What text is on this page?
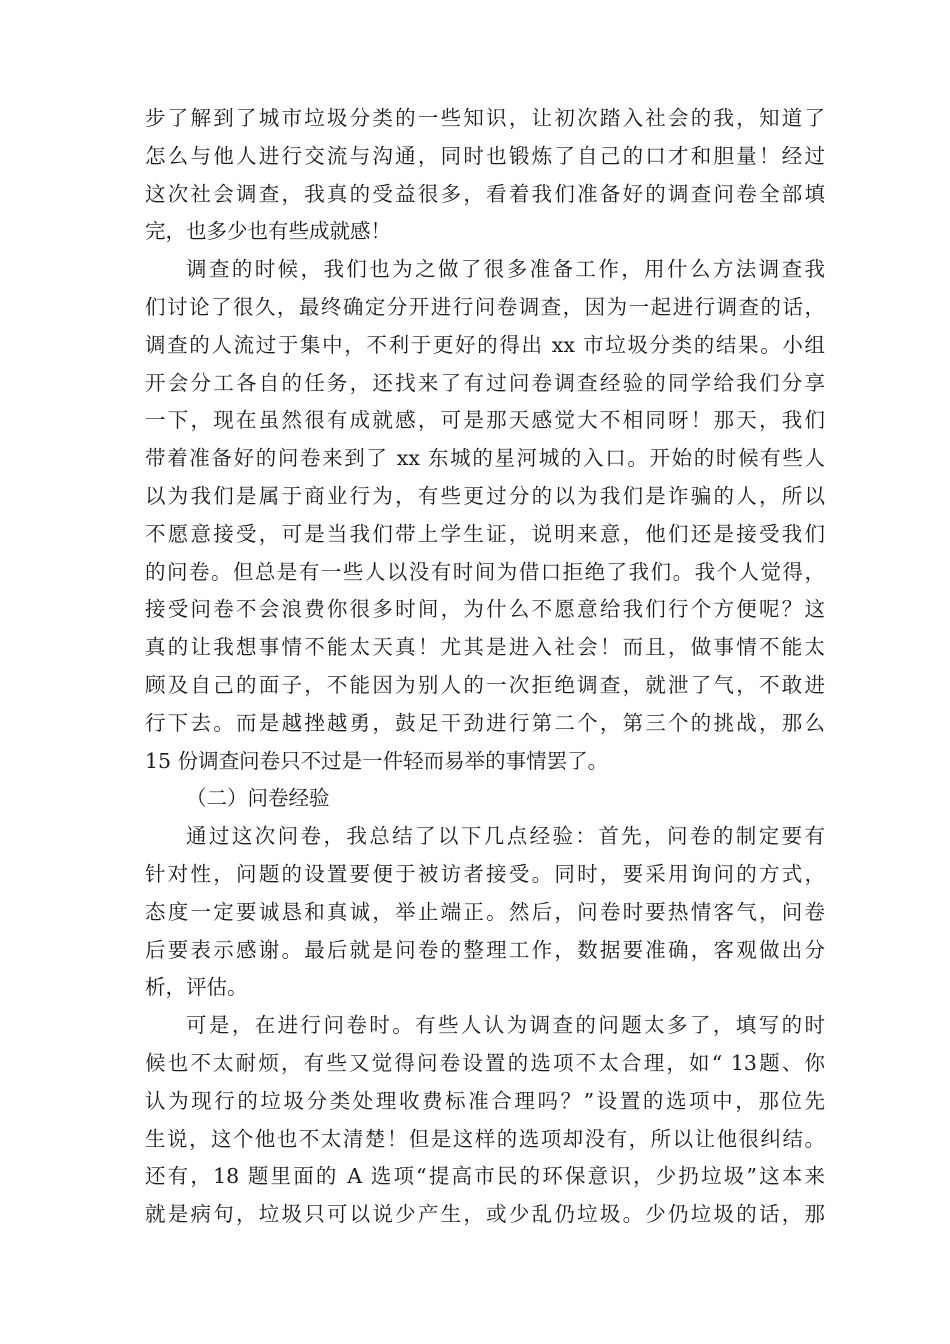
步了解到了城市垃圾分类的一些知识，让初次踏入社会的我，知道了
怎么与他人进行交流与沟通，同时也锻炼了自己的口才和胆量！经过
这次社会调查，我真的受益很多，看着我们准备好的调查问卷全部填
完，也多少也有些成就感！
调查的时候，我们也为之做了很多准备工作，用什么方法调查我
们讨论了很久，最终确定分开进行问卷调查，因为一起进行调查的话，
调查的人流过于集中，不利于更好的得出 xx 市垃圾分类的结果。小组
开会分工各自的任务，还找来了有过问卷调查经验的同学给我们分享
一下，现在虽然很有成就感，可是那天感觉大不相同呀！那天，我们
带着准备好的问卷来到了 xx 东城的星河城的入口。开始的时候有些人
以为我们是属于商业行为，有些更过分的以为我们是诈骗的人，所以
不愿意接受，可是当我们带上学生证，说明来意，他们还是接受我们
的问卷。但总是有一些人以没有时间为借口拒绝了我们。我个人觉得，
接受问卷不会浪费你很多时间，为什么不愿意给我们行个方便呢？这
真的让我想事情不能太天真！尤其是进入社会！而且，做事情不能太
顾及自己的面子，不能因为别人的一次拒绝调查，就泄了气，不敢进
行下去。而是越挫越勇，鼓足干劲进行第二个，第三个的挑战，那么
15 份调查问卷只不过是一件轻而易举的事情罢了。
（二）问卷经验
通过这次问卷，我总结了以下几点经验：首先，问卷的制定要有
针对性，问题的设置要便于被访者接受。同时，要采用询问的方式，
态度一定要诚恳和真诚，举止端正。然后，问卷时要热情客气，问卷
后要表示感谢。最后就是问卷的整理工作，数据要准确，客观做出分
析，评估。
可是，在进行问卷时。有些人认为调查的问题太多了，填写的时
候也不太耐烦，有些又觉得问卷设置的选项不太合理，如“ 13题、你
认为现行的垃圾分类处理收费标准合理吗？”设置的选项中，那位先
生说，这个他也不太清楚！但是这样的选项却没有，所以让他很纠结。
还有，18 题里面的 A 选项“提高市民的环保意识，少扔垃圾”这本来
就是病句，垃圾只可以说少产生，或少乱仍垃圾。少仍垃圾的话，那
